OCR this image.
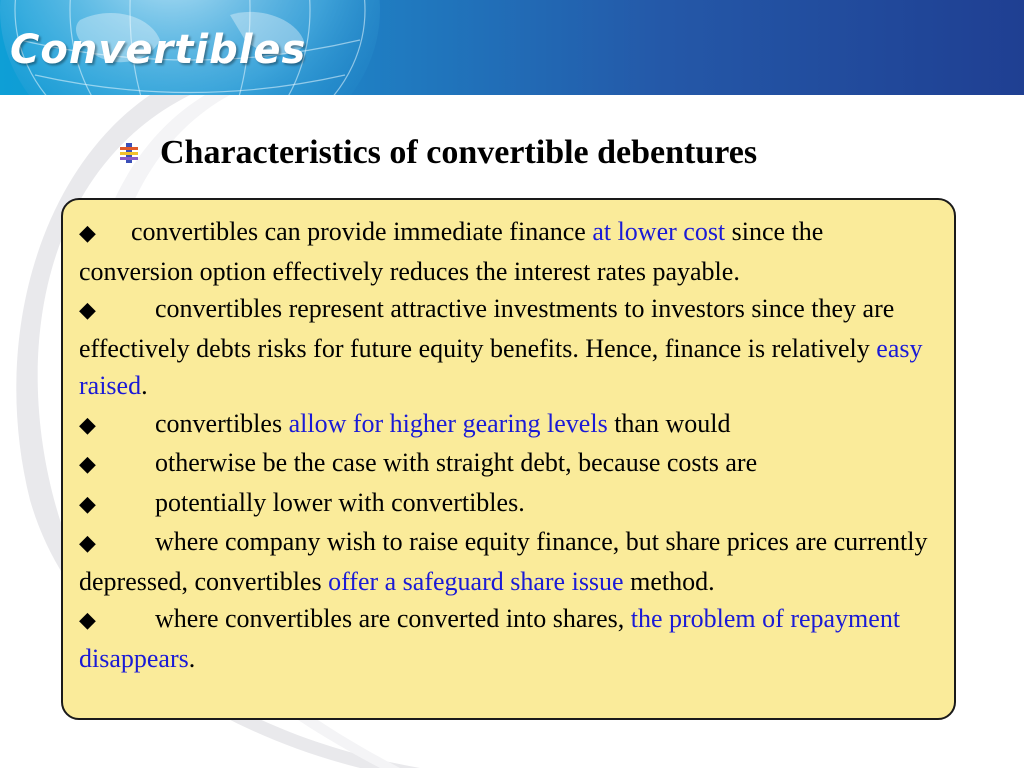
Convertibles
Characteristics of convertible debentures

◆ convertibles can provide immediate finance at lower cost since the conversion option effectively reduces the interest rates payable.

◆ convertibles represent attractive investments to investors since they are effectively debts risks for future equity benefits. Hence, finance is relatively easy raised.

◆ convertibles allow for higher gearing levels than would

◆ otherwise be the case with straight debt, because costs are

◆ potentially lower with convertibles.

◆ where company wish to raise equity finance, but share prices are currently depressed, convertibles offer a safeguard share issue method.

◆ where convertibles are converted into shares, the problem of repayment disappears.
